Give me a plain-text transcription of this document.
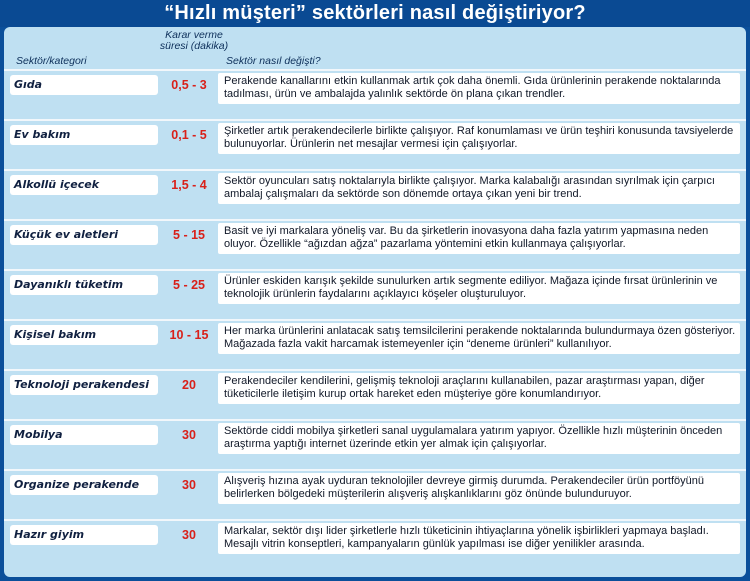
“Hızlı müşteri” sektörleri nasıl değiştiriyor?
Sektör/kategori
Karar verme süresi (dakika)
Sektör nasıl değişti?
Gıda	0,5 - 3	Perakende kanallarını etkin kullanmak artık çok daha önemli. Gıda ürünlerinin perakende noktalarında tadılması, ürün ve ambalajda yalınlık sektörde ön plana çıkan trendler.
Ev bakım	0,1 - 5	Şirketler artık perakendecilerle birlikte çalışıyor. Raf konumlaması ve ürün teşhiri konusunda tavsiyelerde bulunuyorlar. Ürünlerin net mesajlar vermesi için çalışıyorlar.
Alkollü içecek	1,5 - 4	Sektör oyuncuları satış noktalarıyla birlikte çalışıyor. Marka kalabalığı arasından sıyrılmak için çarpıcı ambalaj çalışmaları da sektörde son dönemde ortaya çıkan yeni bir trend.
Küçük ev aletleri	5 - 15	Basit ve iyi markalara yöneliş var. Bu da şirketlerin inovasyona daha fazla yatırım yapmasına neden oluyor. Özellikle “ağızdan ağza” pazarlama yöntemini etkin kullanmaya çalışıyorlar.
Dayanıklı tüketim	5 - 25	Ürünler eskiden karışık şekilde sunulurken artık segmente ediliyor. Mağaza içinde fırsat ürünlerinin ve teknolojik ürünlerin faydalarını açıklayıcı köşeler oluşturuluyor.
Kişisel bakım	10 - 15	Her marka ürünlerini anlatacak satış temsilcilerini perakende noktalarında bulundurmaya özen gösteriyor. Mağazada fazla vakit harcamak istemeyenler için “deneme ürünleri” kullanılıyor.
Teknoloji perakendesi	20	Perakendeciler kendilerini, gelişmiş teknoloji araçlarını kullanabilen, pazar araştırması yapan, diğer tüketicilerle iletişim kurup ortak hareket eden müşteriye göre konumlandırıyor.
Mobilya	30	Sektörde ciddi mobilya şirketleri sanal uygulamalara yatırım yapıyor. Özellikle hızlı müşterinin önceden araştırma yaptığı internet üzerinde etkin yer almak için çalışıyorlar.
Organize perakende	30	Alışveriş hızına ayak uyduran teknolojiler devreye girmiş durumda. Perakendeciler ürün portföyünü belirlerken bölgedeki müşterilerin alışveriş alışkanlıklarını göz önünde bulunduruyor.
Hazır giyim	30	Markalar, sektör dışı lider şirketlerle hızlı tüketicinin ihtiyaçlarına yönelik işbirlikleri yapmaya başladı. Mesajlı vitrin konseptleri, kampanyaların günlük yapılması ise diğer yenilikler arasında.
